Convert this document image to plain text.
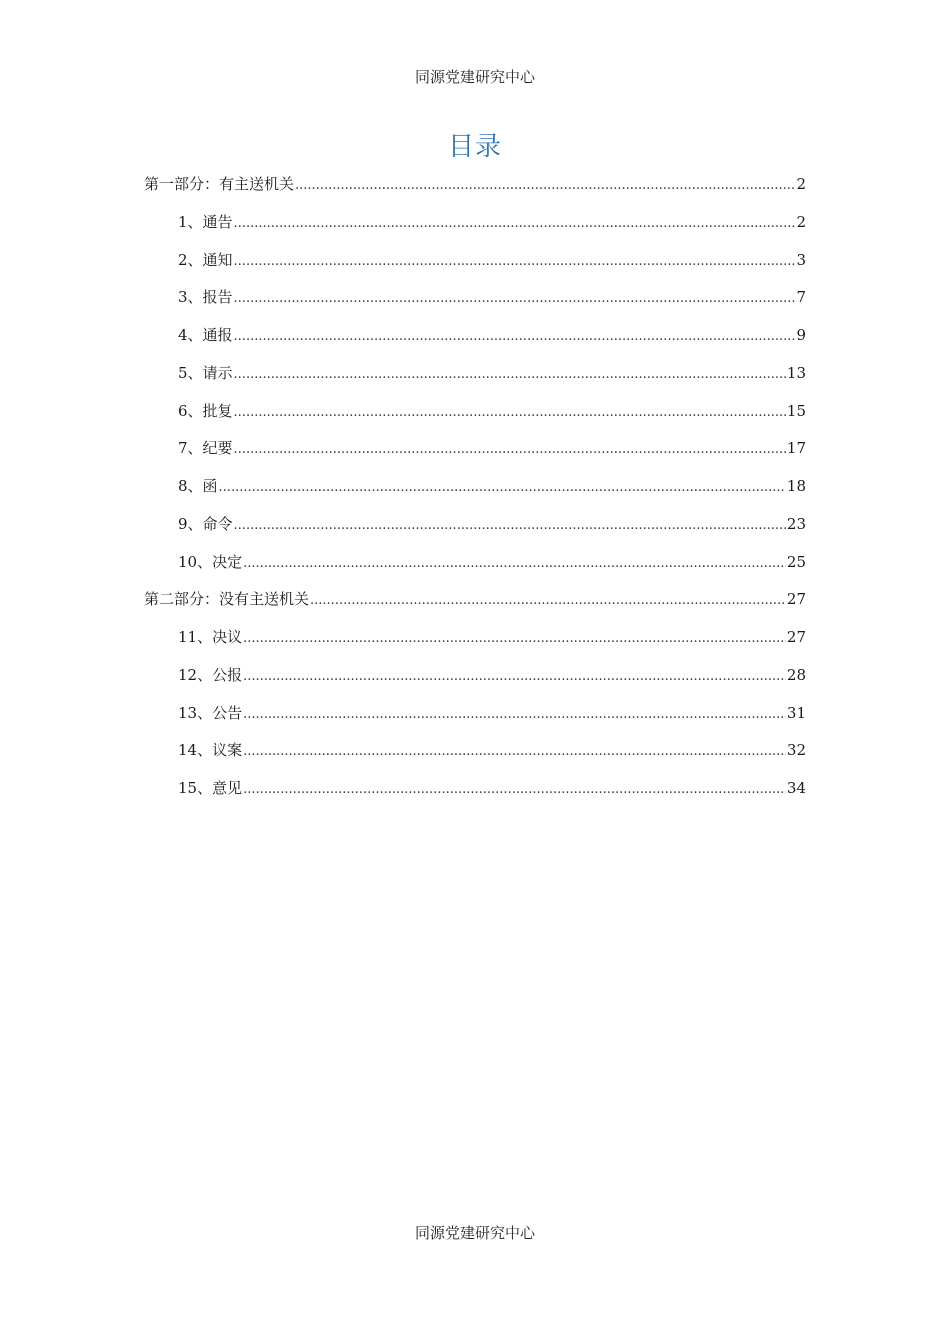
同源党建研究中心
目录
第一部分：有主送机关 .....	2
1、通告 .....	2
2、通知 .....	3
3、报告 .....	7
4、通报 .....	9
5、请示 .....	13
6、批复 .....	15
7、纪要 .....	17
8、函 .....	18
9、命令 .....	23
10、决定 .....	25
第二部分：没有主送机关 .....	27
11、决议 .....	27
12、公报 .....	28
13、公告 .....	31
14、议案 .....	32
15、意见 .....	34
同源党建研究中心
